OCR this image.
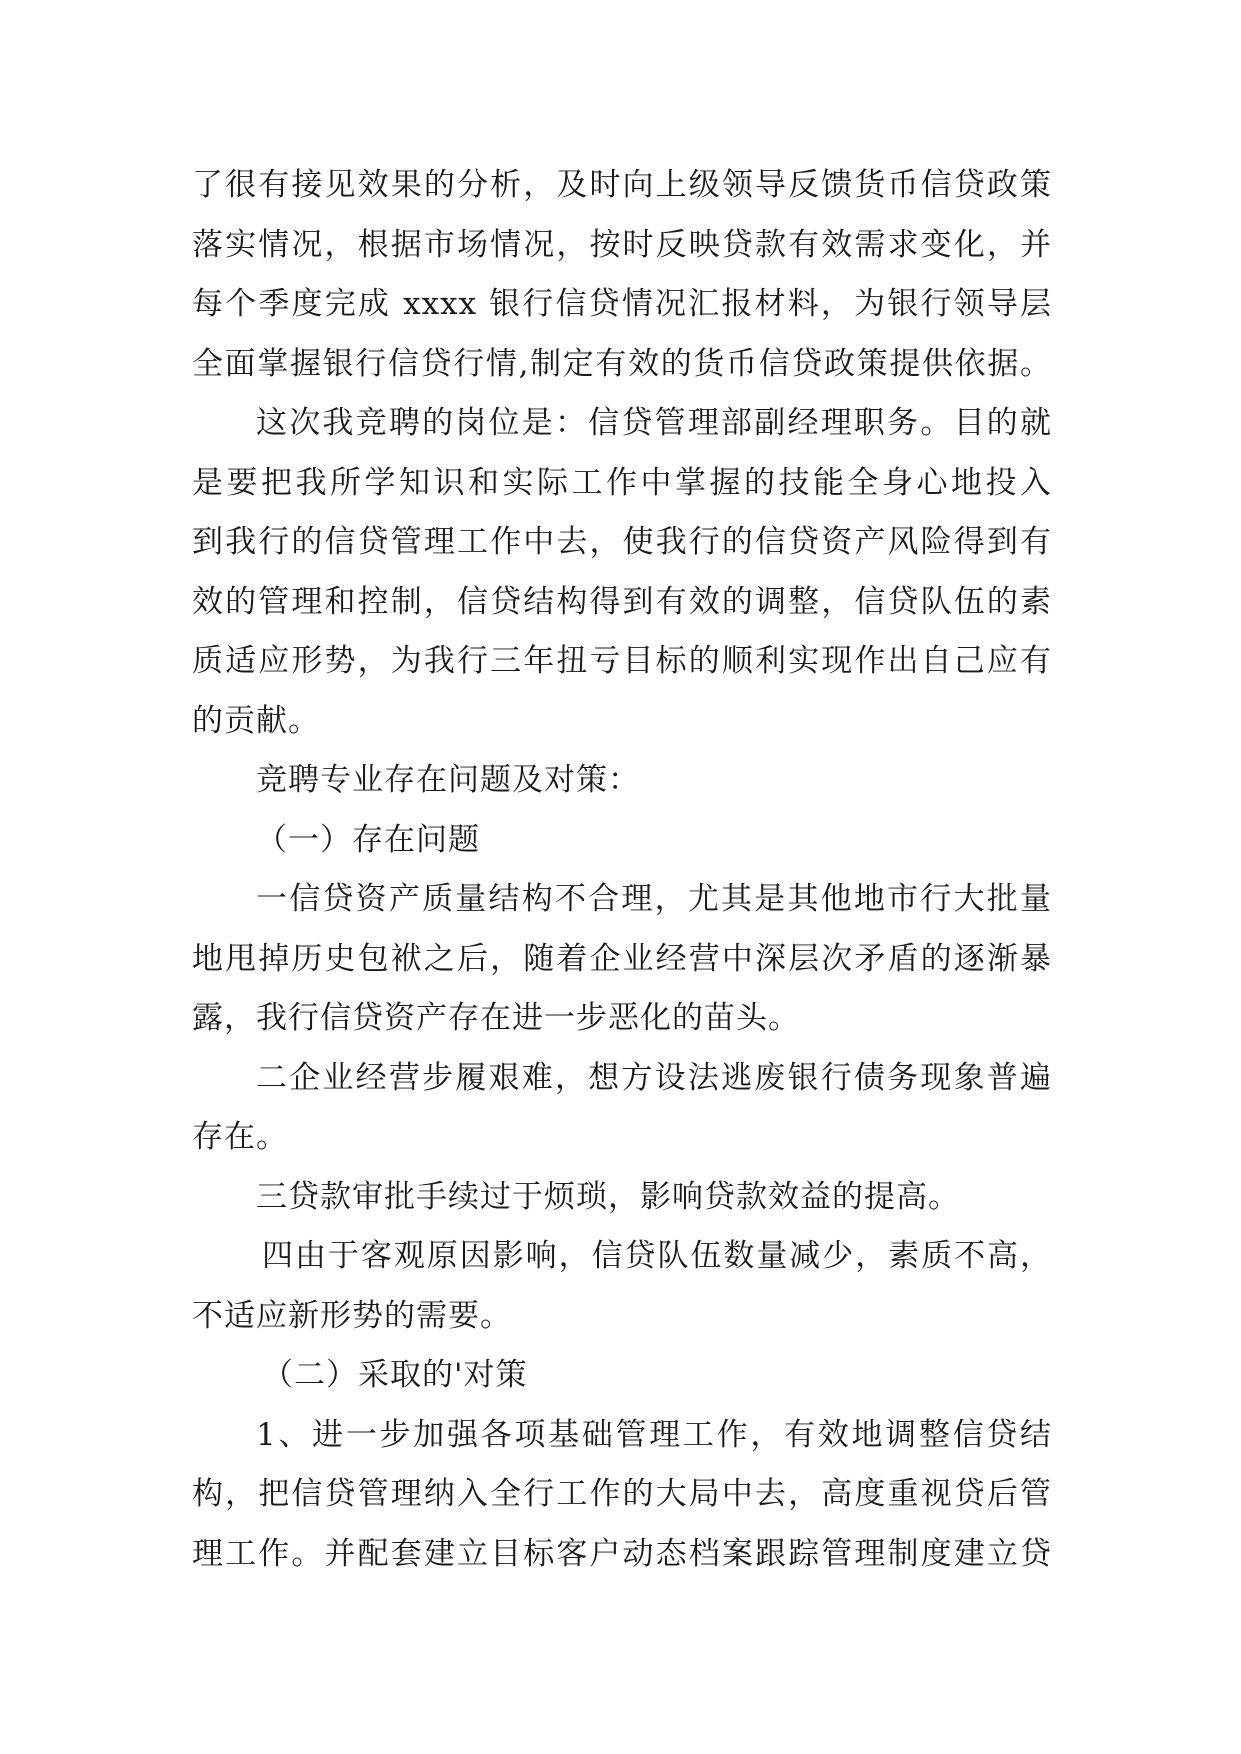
了很有接见效果的分析，及时向上级领导反馈货币信贷政策
落实情况，根据市场情况，按时反映贷款有效需求变化，并
每个季度完成 xxxx 银行信贷情况汇报材料，为银行领导层
全面掌握银行信贷行情,制定有效的货币信贷政策提供依据。
这次我竞聘的岗位是：信贷管理部副经理职务。目的就
是要把我所学知识和实际工作中掌握的技能全身心地投入
到我行的信贷管理工作中去，使我行的信贷资产风险得到有
效的管理和控制，信贷结构得到有效的调整，信贷队伍的素
质适应形势，为我行三年扭亏目标的顺利实现作出自己应有
的贡献。
竞聘专业存在问题及对策：
（一）存在问题
一信贷资产质量结构不合理，尤其是其他地市行大批量
地甩掉历史包袱之后，随着企业经营中深层次矛盾的逐渐暴
露，我行信贷资产存在进一步恶化的苗头。
二企业经营步履艰难，想方设法逃废银行债务现象普遍
存在。
三贷款审批手续过于烦琐，影响贷款效益的提高。
四由于客观原因影响，信贷队伍数量减少，素质不高，
不适应新形势的需要。
（二）采取的'对策
1、进一步加强各项基础管理工作，有效地调整信贷结
构，把信贷管理纳入全行工作的大局中去，高度重视贷后管
理工作。并配套建立目标客户动态档案跟踪管理制度建立贷
